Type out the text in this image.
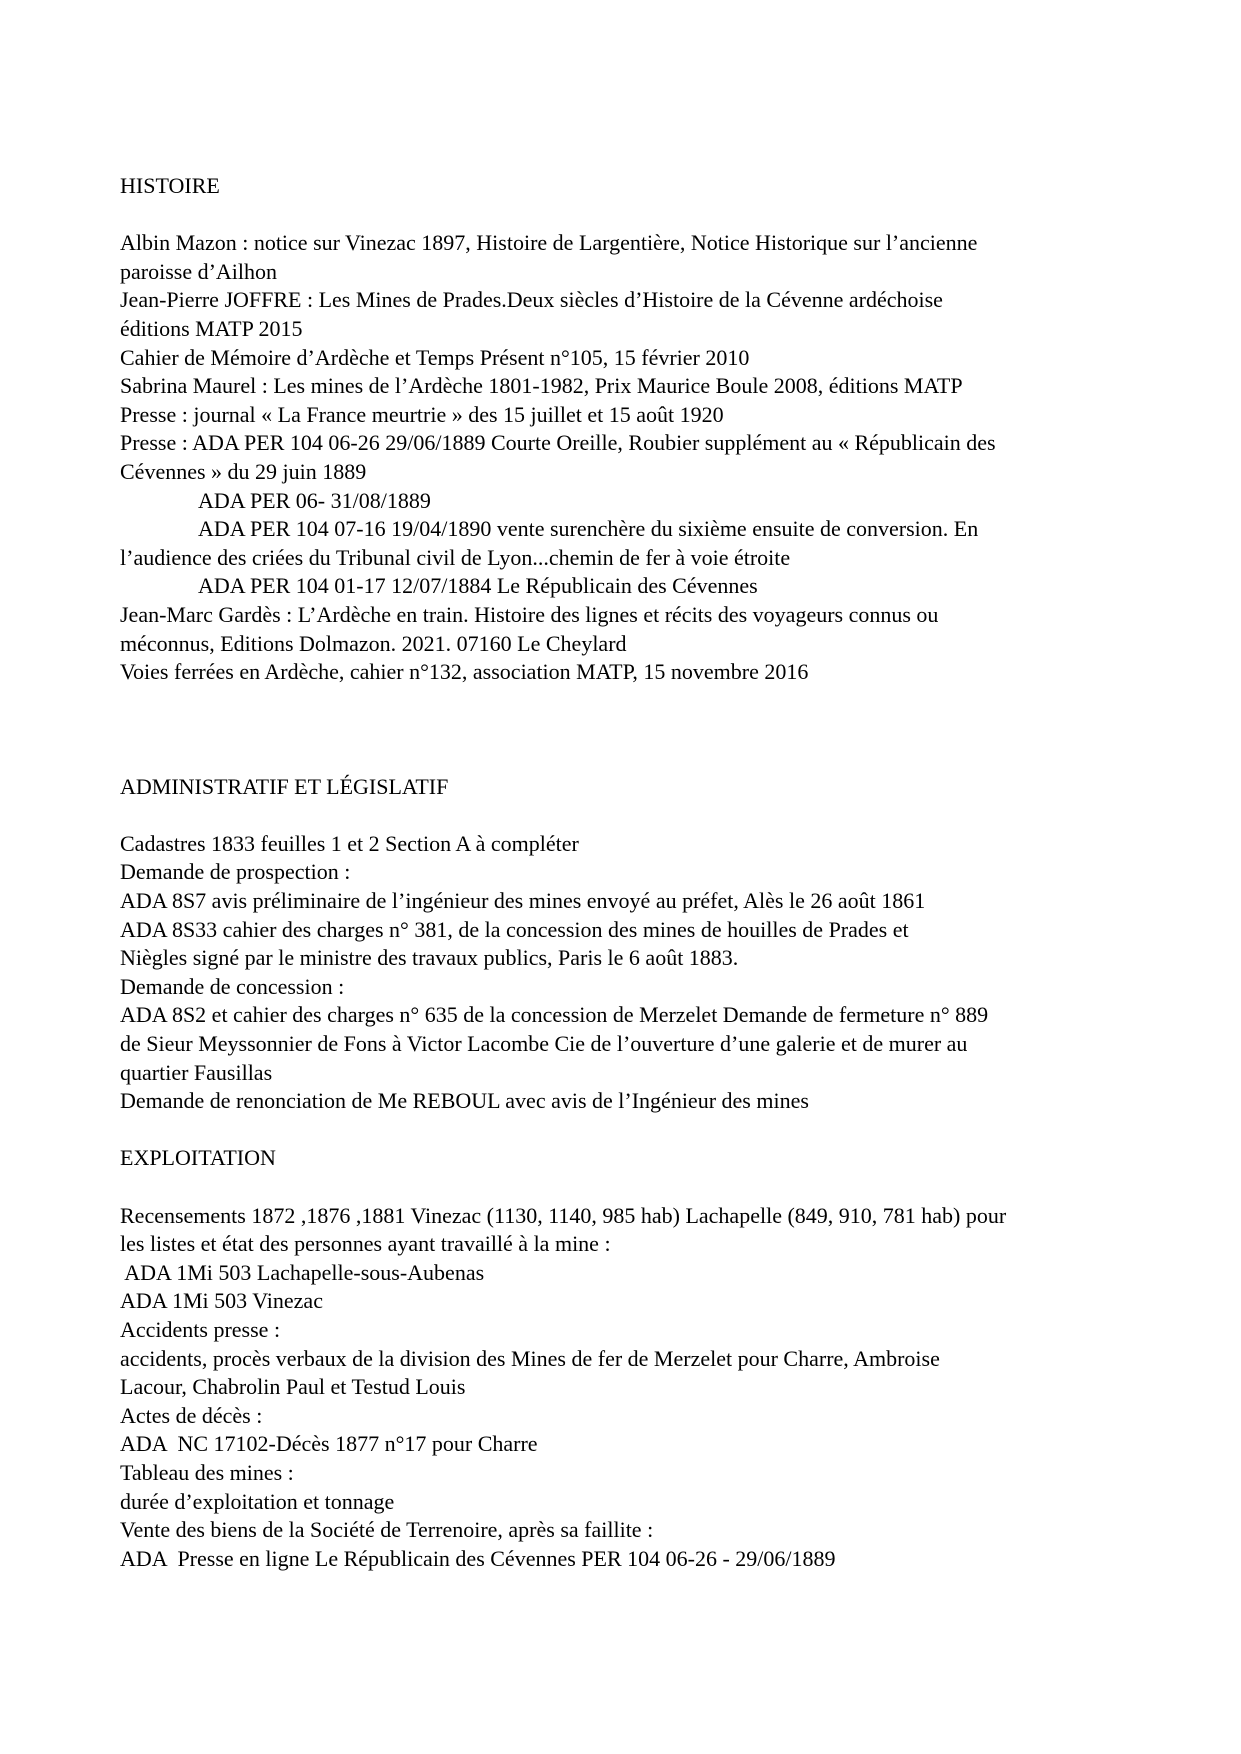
HISTOIRE

Albin Mazon : notice sur Vinezac 1897, Histoire de Largentière, Notice Historique sur l’ancienne
paroisse d’Ailhon
Jean-Pierre JOFFRE : Les Mines de Prades.Deux siècles d’Histoire de la Cévenne ardéchoise
éditions MATP 2015
Cahier de Mémoire d’Ardèche et Temps Présent n°105, 15 février 2010
Sabrina Maurel : Les mines de l’Ardèche 1801-1982, Prix Maurice Boule 2008, éditions MATP
Presse : journal « La France meurtrie » des 15 juillet et 15 août 1920
Presse : ADA PER 104 06-26 29/06/1889 Courte Oreille, Roubier supplément au « Républicain des
Cévennes » du 29 juin 1889
ADA PER 06- 31/08/1889
ADA PER 104 07-16 19/04/1890 vente surenchère du sixième ensuite de conversion. En
l’audience des criées du Tribunal civil de Lyon...chemin de fer à voie étroite
ADA PER 104 01-17 12/07/1884 Le Républicain des Cévennes
Jean-Marc Gardès : L’Ardèche en train. Histoire des lignes et récits des voyageurs connus ou
méconnus, Editions Dolmazon. 2021. 07160 Le Cheylard
Voies ferrées en Ardèche, cahier n°132, association MATP, 15 novembre 2016

ADMINISTRATIF ET LÉGISLATIF

Cadastres 1833 feuilles 1 et 2 Section A à compléter
Demande de prospection :
ADA 8S7 avis préliminaire de l’ingénieur des mines envoyé au préfet, Alès le 26 août 1861
ADA 8S33 cahier des charges n° 381, de la concession des mines de houilles de Prades et
Niègles signé par le ministre des travaux publics, Paris le 6 août 1883.
Demande de concession :
ADA 8S2 et cahier des charges n° 635 de la concession de Merzelet Demande de fermeture n° 889
de Sieur Meyssonnier de Fons à Victor Lacombe Cie de l’ouverture d’une galerie et de murer au
quartier Fausillas
Demande de renonciation de Me REBOUL avec avis de l’Ingénieur des mines

EXPLOITATION

Recensements 1872 ,1876 ,1881 Vinezac (1130, 1140, 985 hab) Lachapelle (849, 910, 781 hab) pour
les listes et état des personnes ayant travaillé à la mine :
ADA 1Mi 503 Lachapelle-sous-Aubenas
ADA 1Mi 503 Vinezac
Accidents presse :
accidents, procès verbaux de la division des Mines de fer de Merzelet pour Charre, Ambroise
Lacour, Chabrolin Paul et Testud Louis
Actes de décès :
ADA  NC 17102-Décès 1877 n°17 pour Charre
Tableau des mines :
durée d’exploitation et tonnage
Vente des biens de la Société de Terrenoire, après sa faillite :
ADA  Presse en ligne Le Républicain des Cévennes PER 104 06-26 - 29/06/1889
